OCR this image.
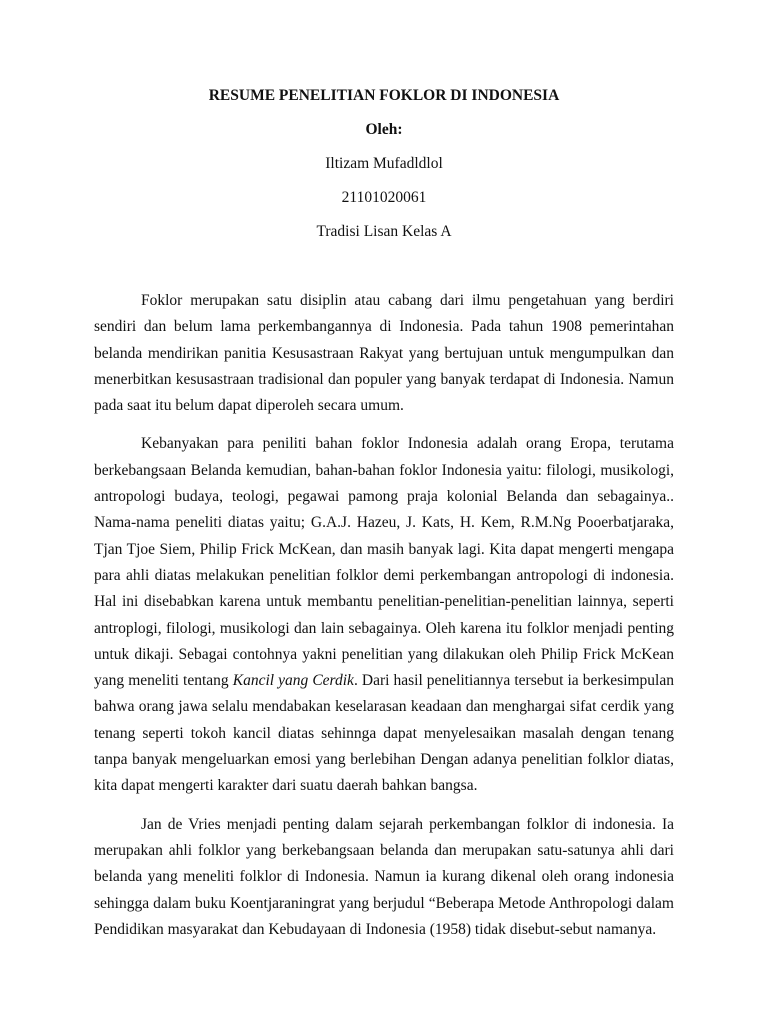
RESUME PENELITIAN FOKLOR DI INDONESIA

Oleh:

Iltizam Mufadldlol

21101020061

Tradisi Lisan Kelas A

Foklor merupakan satu disiplin atau cabang dari ilmu pengetahuan yang berdiri sendiri dan belum lama perkembangannya di Indonesia. Pada tahun 1908 pemerintahan belanda mendirikan panitia Kesusastraan Rakyat yang bertujuan untuk mengumpulkan dan menerbitkan kesusastraan tradisional dan populer yang banyak terdapat di Indonesia. Namun pada saat itu belum dapat diperoleh secara umum.

Kebanyakan para peniliti bahan foklor Indonesia adalah orang Eropa, terutama berkebangsaan Belanda kemudian, bahan-bahan foklor Indonesia yaitu: filologi, musikologi, antropologi budaya, teologi, pegawai pamong praja kolonial Belanda dan sebagainya.. Nama-nama peneliti diatas yaitu; G.A.J. Hazeu, J. Kats, H. Kem, R.M.Ng Pooerbatjaraka, Tjan Tjoe Siem, Philip Frick McKean, dan masih banyak lagi. Kita dapat mengerti mengapa para ahli diatas melakukan penelitian folklor demi perkembangan antropologi di indonesia. Hal ini disebabkan karena untuk membantu penelitian-penelitian-penelitian lainnya, seperti antroplogi, filologi, musikologi dan lain sebagainya. Oleh karena itu folklor menjadi penting untuk dikaji. Sebagai contohnya yakni penelitian yang dilakukan oleh Philip Frick McKean yang meneliti tentang Kancil yang Cerdik. Dari hasil penelitiannya tersebut ia berkesimpulan bahwa orang jawa selalu mendabakan keselarasan keadaan dan menghargai sifat cerdik yang tenang seperti tokoh kancil diatas sehinnga dapat menyelesaikan masalah dengan tenang tanpa banyak mengeluarkan emosi yang berlebihan Dengan adanya penelitian folklor diatas, kita dapat mengerti karakter dari suatu daerah bahkan bangsa.

Jan de Vries menjadi penting dalam sejarah perkembangan folklor di indonesia. Ia merupakan ahli folklor yang berkebangsaan belanda dan merupakan satu-satunya ahli dari belanda yang meneliti folklor di Indonesia. Namun ia kurang dikenal oleh orang indonesia sehingga dalam buku Koentjaraningrat yang berjudul “Beberapa Metode Anthropologi dalam Pendidikan masyarakat dan Kebudayaan di Indonesia (1958) tidak disebut-sebut namanya.
